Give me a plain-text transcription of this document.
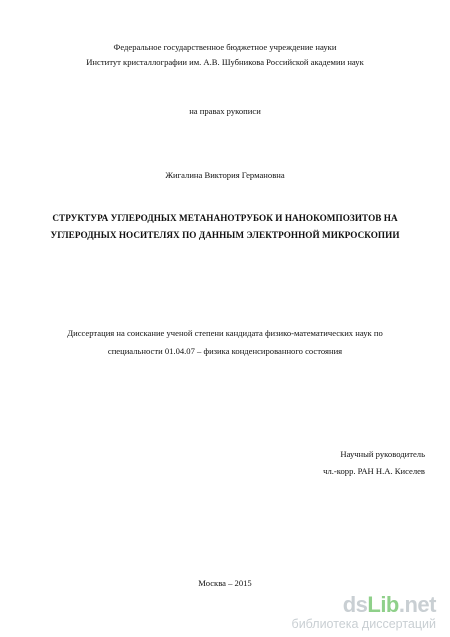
Федеральное государственное бюджетное учреждение науки
Институт кристаллографии им. А.В. Шубникова Российской академии наук
на правах рукописи
Жигалина Виктория Германовна
СТРУКТУРА УГЛЕРОДНЫХ МЕТАНАНОТРУБОК И НАНОКОМПОЗИТОВ НА
УГЛЕРОДНЫХ НОСИТЕЛЯХ ПО ДАННЫМ ЭЛЕКТРОННОЙ МИКРОСКОПИИ
Диссертация на соискание ученой степени кандидата физико-математических наук по
специальности 01.04.07 – физика конденсированного состояния
Научный руководитель
чл.-корр. РАН Н.А. Киселев
Москва – 2015
dsLib.net
библиотека диссертаций
